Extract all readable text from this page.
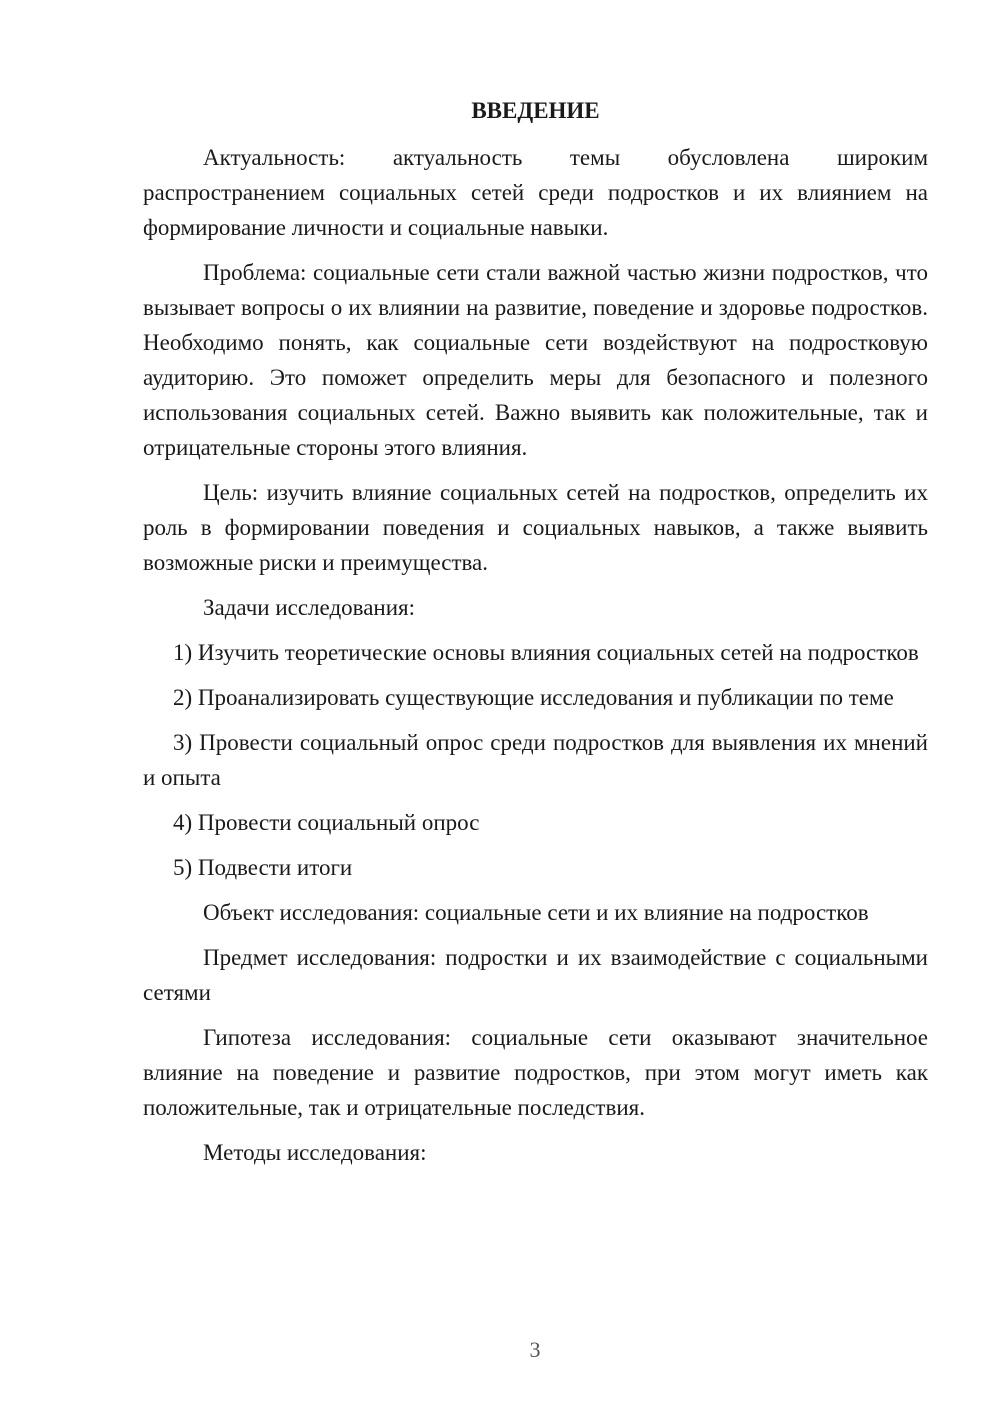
ВВЕДЕНИЕ

Актуальность: актуальность темы обусловлена широким распространением социальных сетей среди подростков и их влиянием на формирование личности и социальные навыки.

Проблема: социальные сети стали важной частью жизни подростков, что вызывает вопросы о их влиянии на развитие, поведение и здоровье подростков. Необходимо понять, как социальные сети воздействуют на подростковую аудиторию. Это поможет определить меры для безопасного и полезного использования социальных сетей. Важно выявить как положительные, так и отрицательные стороны этого влияния.

Цель: изучить влияние социальных сетей на подростков, определить их роль в формировании поведения и социальных навыков, а также выявить возможные риски и преимущества.

Задачи исследования:

1) Изучить теоретические основы влияния социальных сетей на подростков

2) Проанализировать существующие исследования и публикации по теме

3) Провести социальный опрос среди подростков для выявления их мнений и опыта

4) Провести социальный опрос

5) Подвести итоги

Объект исследования: социальные сети и их влияние на подростков

Предмет исследования: подростки и их взаимодействие с социальными сетями

Гипотеза исследования: социальные сети оказывают значительное влияние на поведение и развитие подростков, при этом могут иметь как положительные, так и отрицательные последствия.

Методы исследования:

3
